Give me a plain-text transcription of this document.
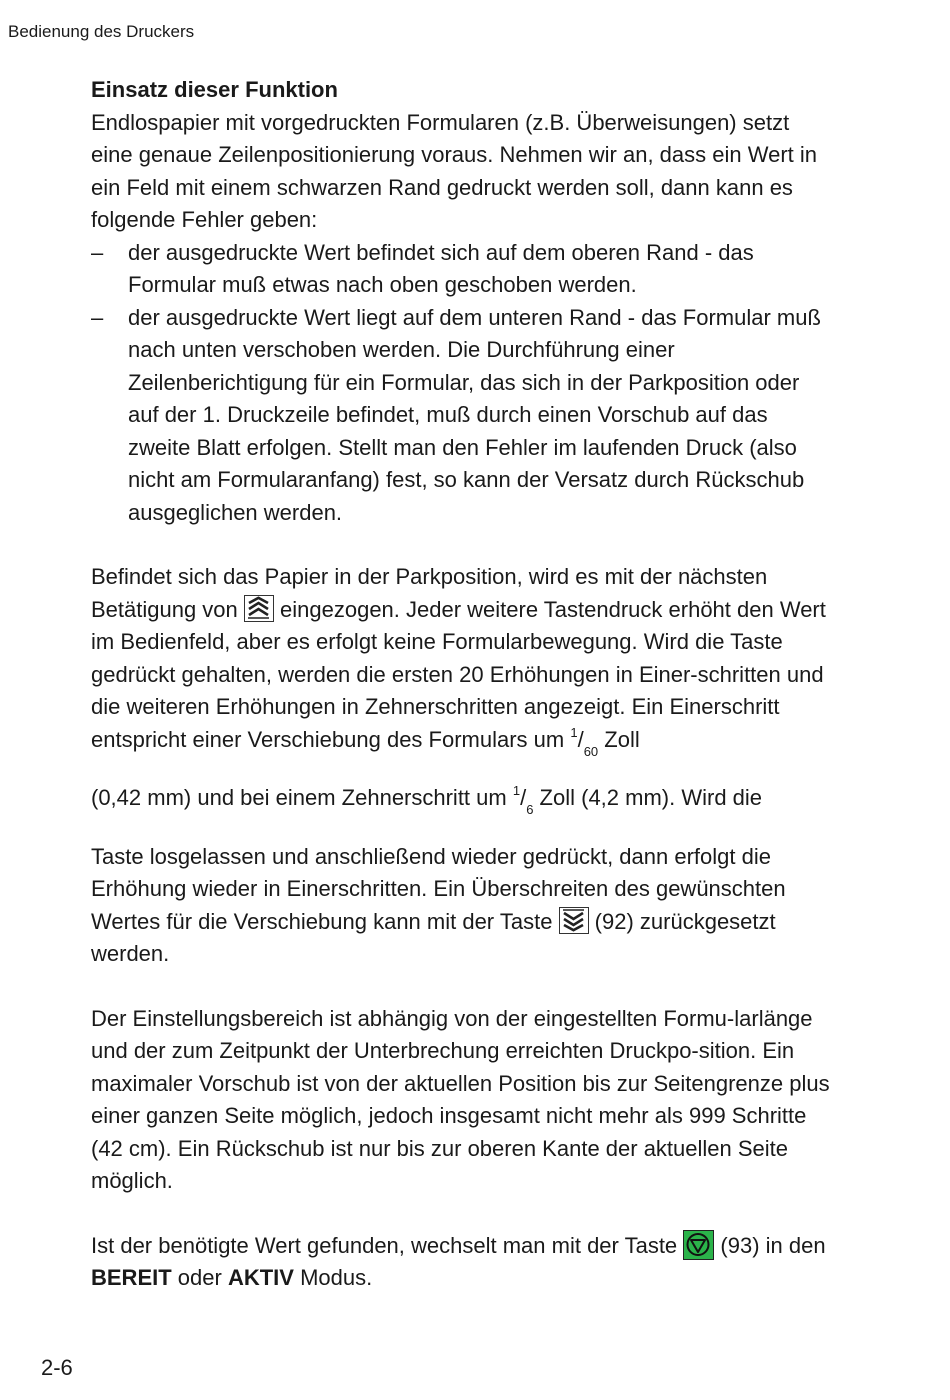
Bedienung des Druckers
Einsatz dieser Funktion

Endlospapier mit vorgedruckten Formularen (z.B. Überweisungen) setzt eine genaue Zeilenpositionierung voraus. Nehmen wir an, dass ein Wert in ein Feld mit einem schwarzen Rand gedruckt werden soll, dann kann es folgende Fehler geben:

– der ausgedruckte Wert befindet sich auf dem oberen Rand - das Formular muß etwas nach oben geschoben werden.
– der ausgedruckte Wert liegt auf dem unteren Rand - das Formular muß nach unten verschoben werden. Die Durchführung einer Zeilenberichtigung für ein Formular, das sich in der Parkposition oder auf der 1. Druckzeile befindet, muß durch einen Vorschub auf das zweite Blatt erfolgen. Stellt man den Fehler im laufenden Druck (also nicht am Formularanfang) fest, so kann der Versatz durch Rückschub ausgeglichen werden.
Befindet sich das Papier in der Parkposition, wird es mit der nächsten Betätigung von
eingezogen. Jeder weitere Tastendruck erhöht den Wert im Bedienfeld, aber es erfolgt keine Formularbewegung. Wird die Taste gedrückt gehalten, werden die ersten 20 Erhöhungen in Einer-schritten und die weiteren Erhöhungen in Zehnerschritten angezeigt. Ein Einerschritt entspricht einer Verschiebung des Formulars um $^1/_{60}$ Zoll
(0,42 mm) und bei einem Zehnerschritt um $^1/_6$ Zoll (4,2 mm). Wird die
Taste losgelassen und anschließend wieder gedrückt, dann erfolgt die Erhöhung wieder in Einerschritten. Ein Überschreiten des gewünschten Wertes für die Verschiebung kann mit der Taste
(92) zurückgesetzt werden.

Der Einstellungsbereich ist abhängig von der eingestellten Formu-larlänge und der zum Zeitpunkt der Unterbrechung erreichten Druckpo-sition. Ein maximaler Vorschub ist von der aktuellen Position bis zur Seitengrenze plus einer ganzen Seite möglich, jedoch insgesamt nicht mehr als 999 Schritte (42 cm). Ein Rückschub ist nur bis zur oberen Kante der aktuellen Seite möglich.

Ist der benötigte Wert gefunden, wechselt man mit der Taste
(93) in den BEREIT oder AKTIV Modus.
2-6
